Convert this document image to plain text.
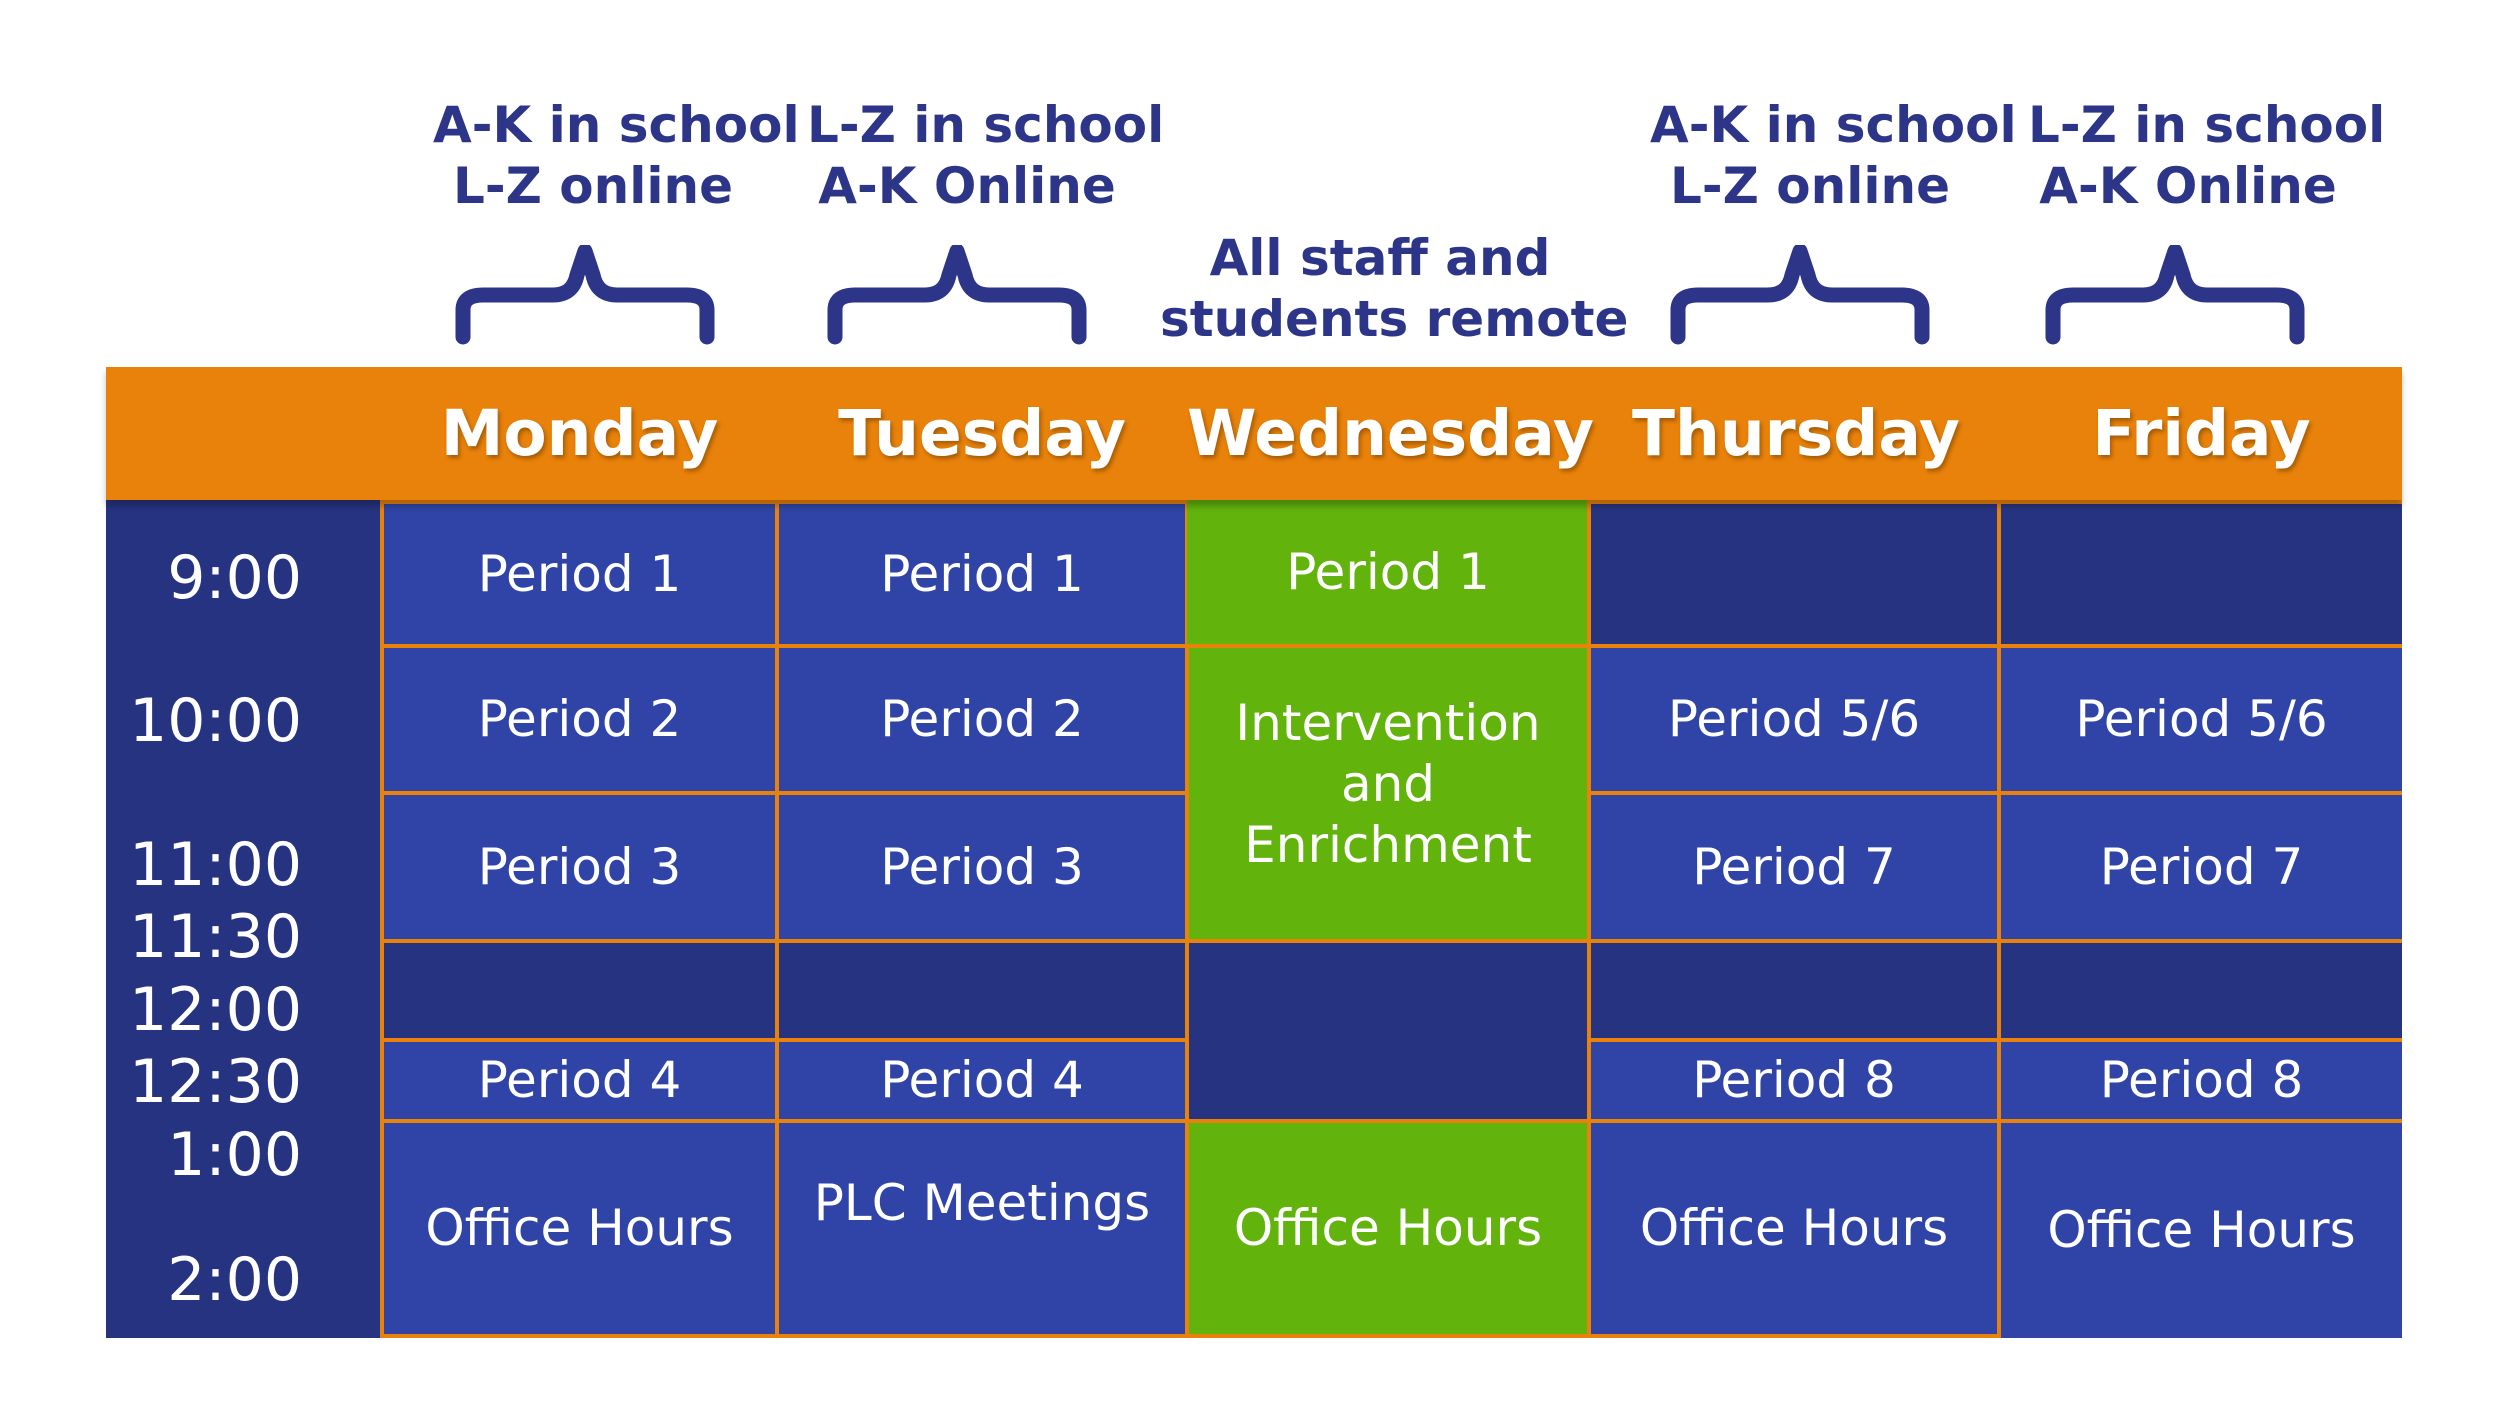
A-K in school
L-Z online
L-Z in school
A-K Online
All staff and
students remote
A-K in school
L-Z online
L-Z in school
A-K Online
Monday	Tuesday Wednesday Thursday	Friday
9:00
10:00
11:00
11:30
12:00
12:30
1:00
2:00
Period 1
Period 2
Period 3
Period 4
Office Hours
Period 1
Period 2
Period 3
Period 4
PLC Meetings
Period 1
Intervention and Enrichment
Office Hours
Period 5/6
Period 7
Period 8
Office Hours
Period 5/6
Period 7
Period 8
Office Hours
